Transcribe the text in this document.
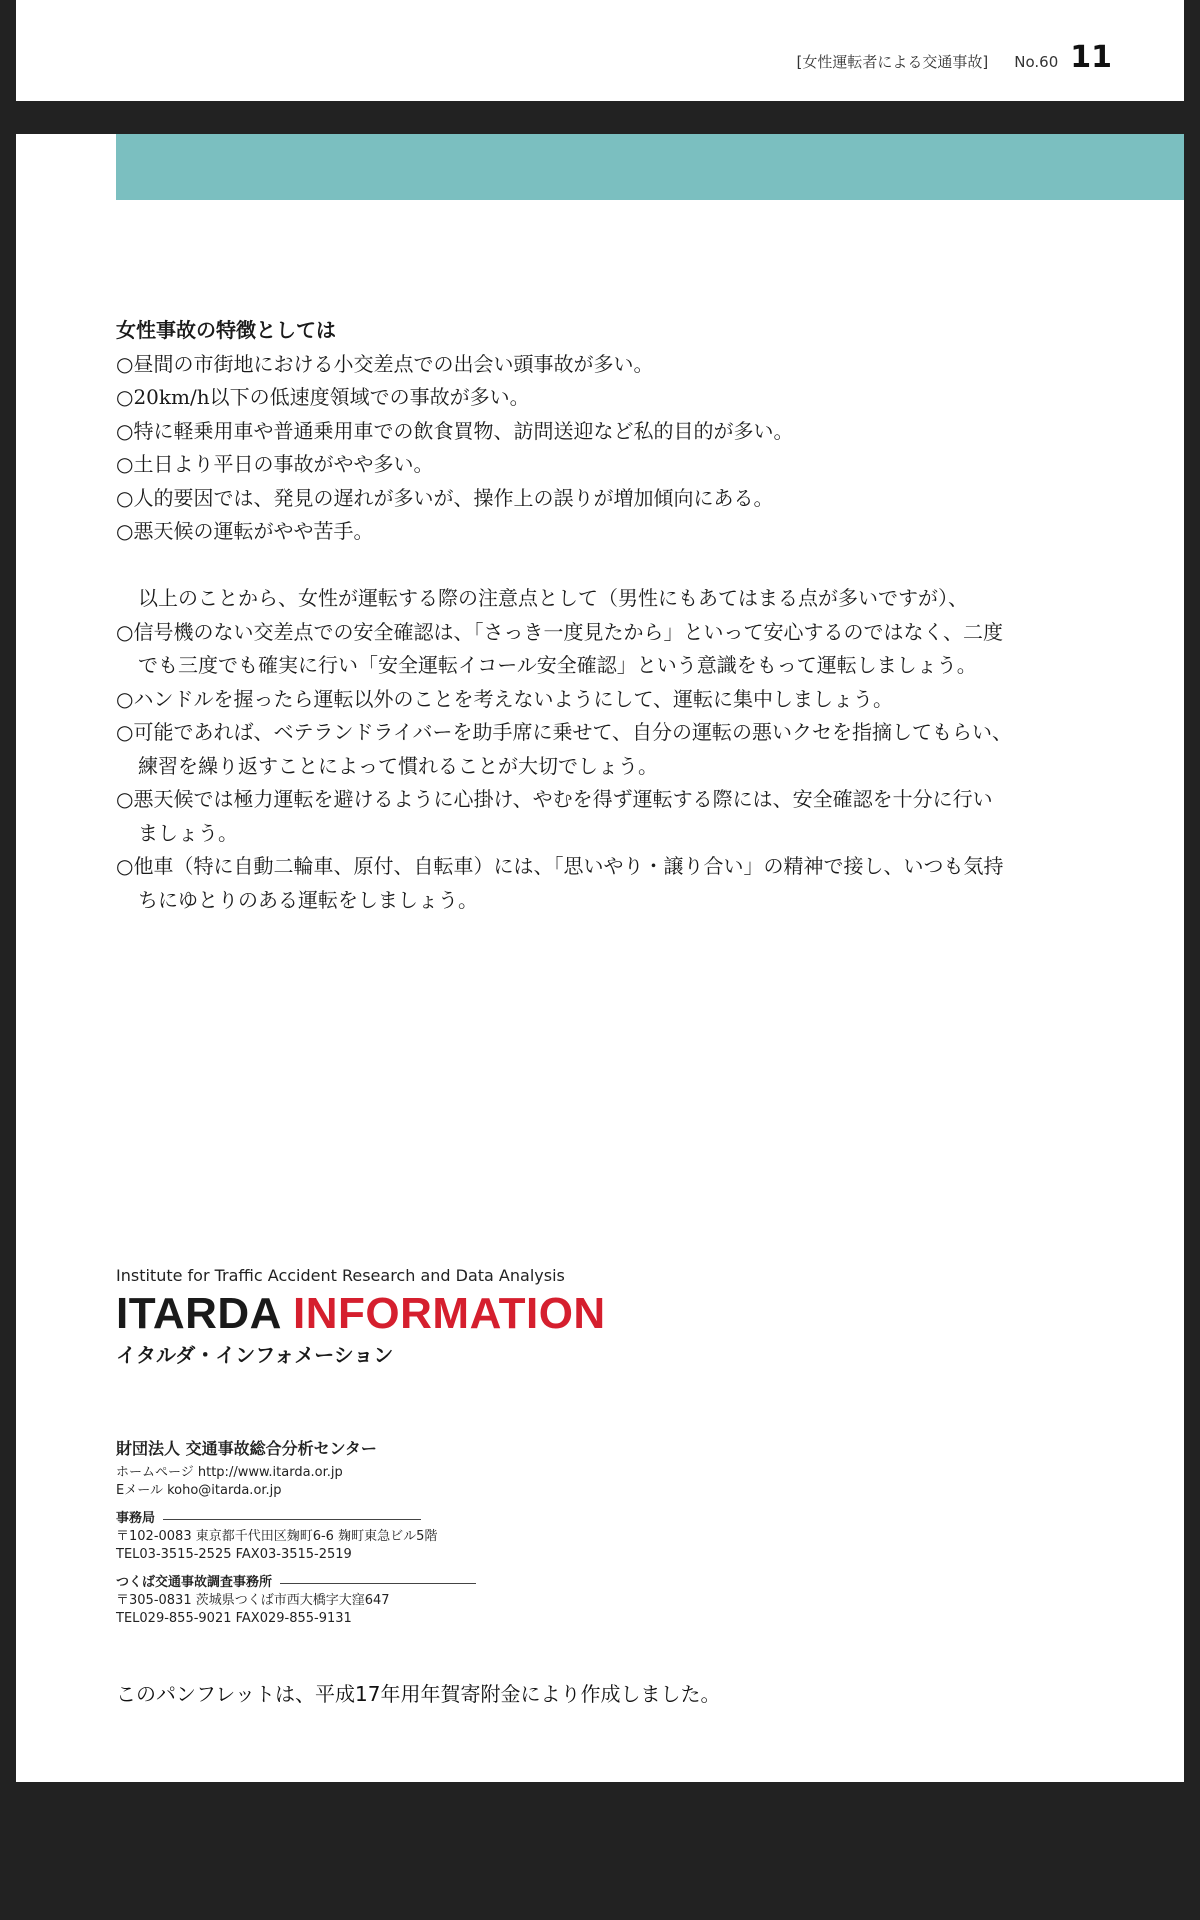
[女性運転者による交通事故] No.60 11
女性事故の特徴としては
○昼間の市街地における小交差点での出会い頭事故が多い。
○20km/h以下の低速度領域での事故が多い。
○特に軽乗用車や普通乗用車での飲食買物、訪問送迎など私的目的が多い。
○土日より平日の事故がやや多い。
○人的要因では、発見の遅れが多いが、操作上の誤りが増加傾向にある。
○悪天候の運転がやや苦手。
以上のことから、女性が運転する際の注意点として（男性にもあてはまる点が多いですが）、
○信号機のない交差点での安全確認は、「さっき一度見たから」といって安心するのではなく、二度
でも三度でも確実に行い「安全運転イコール安全確認」という意識をもって運転しましょう。
○ハンドルを握ったら運転以外のことを考えないようにして、運転に集中しましょう。
○可能であれば、ベテランドライバーを助手席に乗せて、自分の運転の悪いクセを指摘してもらい、
練習を繰り返すことによって慣れることが大切でしょう。
○悪天候では極力運転を避けるように心掛け、やむを得ず運転する際には、安全確認を十分に行い
ましょう。
○他車（特に自動二輪車、原付、自転車）には、「思いやり・譲り合い」の精神で接し、いつも気持
ちにゆとりのある運転をしましょう。
Institute for Traffic Accident Research and Data Analysis
ITARDA INFORMATION
イタルダ・インフォメーション
財団法人 交通事故総合分析センター
ホームページ http://www.itarda.or.jp
Eメール koho@itarda.or.jp
事務局
〒102-0083 東京都千代田区麹町6-6 麹町東急ビル5階
TEL03-3515-2525 FAX03-3515-2519
つくば交通事故調査事務所
〒305-0831 茨城県つくば市西大橋字大窪647
TEL029-855-9021 FAX029-855-9131
このパンフレットは、平成17年用年賀寄附金により作成しました。
